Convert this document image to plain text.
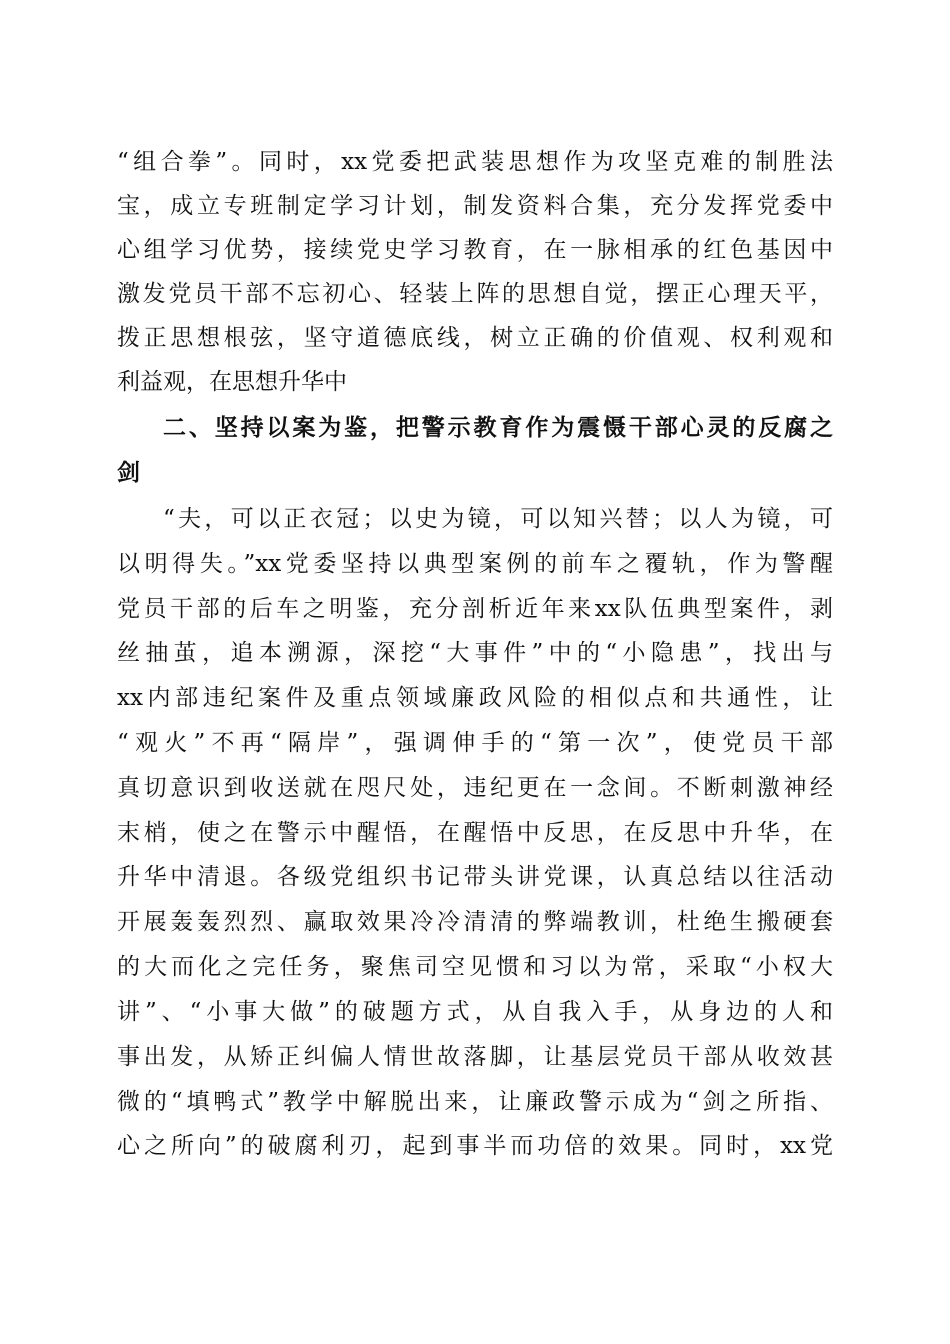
“组合拳”。同时，xx党委把武装思想作为攻坚克难的制胜法
宝，成立专班制定学习计划，制发资料合集，充分发挥党委中
心组学习优势，接续党史学习教育，在一脉相承的红色基因中
激发党员干部不忘初心、轻装上阵的思想自觉，摆正心理天平，
拨正思想根弦，坚守道德底线，树立正确的价值观、权利观和
利益观，在思想升华中
二、坚持以案为鉴，把警示教育作为震慑干部心灵的反腐之
剑
“夫，可以正衣冠；以史为镜，可以知兴替；以人为镜，可
以明得失。”xx党委坚持以典型案例的前车之覆轨，作为警醒
党员干部的后车之明鉴，充分剖析近年来xx队伍典型案件，剥
丝抽茧，追本溯源，深挖“大事件”中的“小隐患”，找出与
xx内部违纪案件及重点领域廉政风险的相似点和共通性，让
“观火”不再“隔岸”，强调伸手的“第一次”，使党员干部
真切意识到收送就在咫尺处，违纪更在一念间。不断刺激神经
末梢，使之在警示中醒悟，在醒悟中反思，在反思中升华，在
升华中清退。各级党组织书记带头讲党课，认真总结以往活动
开展轰轰烈烈、赢取效果冷冷清清的弊端教训，杜绝生搬硬套
的大而化之完任务，聚焦司空见惯和习以为常，采取“小权大
讲”、“小事大做”的破题方式，从自我入手，从身边的人和
事出发，从矫正纠偏人情世故落脚，让基层党员干部从收效甚
微的“填鸭式”教学中解脱出来，让廉政警示成为“剑之所指、
心之所向”的破腐利刃，起到事半而功倍的效果。同时，xx党
